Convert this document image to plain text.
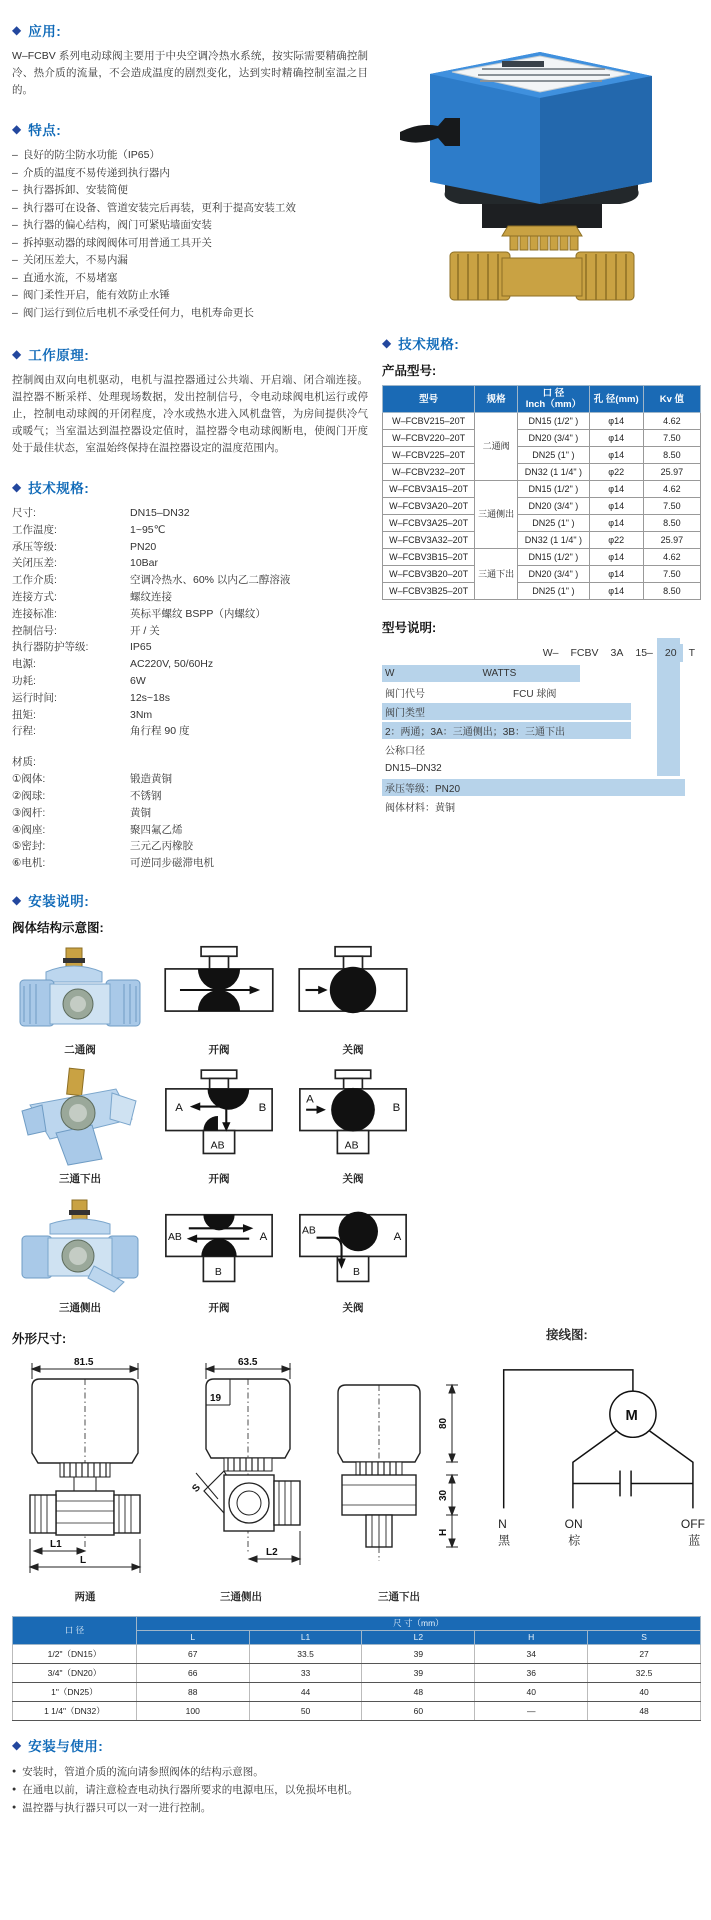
◆ 应用:

W–FCBV 系列电动球阀主要用于中央空调冷热水系统，按实际需要精确控制冷、热介质的流量，不会造成温度的剧烈变化，达到实时精确控制室温之目的。

◆ 特点:
– 良好的防尘防水功能（IP65）
– 介质的温度不易传递到执行器内
– 执行器拆卸、安装简便
– 执行器可在设备、管道安装完后再装，更利于提高安装工效
– 执行器的偏心结构，阀门可紧贴墙面安装
– 拆掉驱动器的球阀阀体可用普通工具开关
– 关闭压差大，不易内漏
– 直通水流，不易堵塞
– 阀门柔性开启，能有效防止水锤
– 阀门运行到位后电机不承受任何力，电机寿命更长
◆ 工作原理:

控制阀由双向电机驱动，电机与温控器通过公共端、开启端、闭合端连接。温控器不断采样、处理现场数据，发出控制信号，令电动球阀电机运行或停止，控制电动球阀的开闭程度，冷水或热水进入风机盘管，为房间提供冷气或暖气；当室温达到温控器设定值时，温控器令电动球阀断电，使阀门开度处于最佳状态，室温始终保持在温控器设定的温度范围内。

◆ 技术规格:
尺寸:	DN15–DN32
工作温度:	1~95℃
承压等级:	PN20
关闭压差:	10Bar
工作介质:	空调冷热水、60% 以内乙二醇溶液
连接方式:	螺纹连接
连接标准:	英标平螺纹 BSPP（内螺纹）
控制信号:	开 / 关
执行器防护等级:	IP65
电源:	AC220V, 50/60Hz
功耗:	6W
运行时间:	12s~18s
扭矩:	3Nm
行程:	角行程 90 度
材质:
①阀体:	锻造黄铜
②阀球:	不锈钢
③阀杆:	黄铜
④阀座:	聚四氟乙烯
⑤密封:	三元乙丙橡胶
⑥电机:	可逆同步磁滞电机
◆ 技术规格:
产品型号:
型号	规格	口 径
Inch（mm）	孔 径(mm)	Kv 值
W–FCBV215–20T	二通阀	DN15 (1/2" )	φ14	4.62
W–FCBV220–20T		DN20 (3/4" )	φ14	7.50
W–FCBV225–20T		DN25 (1" )	φ14	8.50
W–FCBV232–20T		DN32 (1 1/4" )	φ22	25.97
W–FCBV3A15–20T	三通侧出	DN15 (1/2" )	φ14	4.62
W–FCBV3A20–20T		DN20 (3/4" )	φ14	7.50
W–FCBV3A25–20T		DN25 (1" )	φ14	8.50
W–FCBV3A32–20T		DN32 (1 1/4" )	φ22	25.97
W–FCBV3B15–20T	三通下出	DN15 (1/2" )	φ14	4.62
W–FCBV3B20–20T		DN20 (3/4" )	φ14	7.50
W–FCBV3B25–20T		DN25 (1" )	φ14	8.50
型号说明:
W–	FCBV	3A	15–	20	T
W	WATTS
阀门代号	FCU 球阀
阀门类型
2：两通；3A：三通侧出；3B：三通下出
公称口径
DN15–DN32
承压等级：PN20
阀体材料：黄铜
◆ 安装说明:
阀体结构示意图:
二通阀	开阀	关阀
三通下出
A	B
AB
开阀
A
B
AB
关阀
三通侧出
AB	A
B
开阀
AB	A
B
关阀
外形尺寸:
81.5
L1
L
两通
63.5
19
S
L2
三通侧出
80
30
H
三通下出
接线图:
M
N
黑
ON
棕
OFF
蓝
口 径	尺 寸（mm）				
	L	L1	L2	H	S
1/2"（DN15）	67	33.5	39	34	27
3/4"（DN20）	66	33	39	36	32.5
1"（DN25）	88	44	48	40	40
1 1/4"（DN32）	100	50	60	—	48
◆ 安装与使用:
● 安装时，管道介质的流向请参照阀体的结构示意图。
● 在通电以前，请注意检查电动执行器所要求的电源电压，以免损坏电机。
● 温控器与执行器只可以一对一进行控制。
